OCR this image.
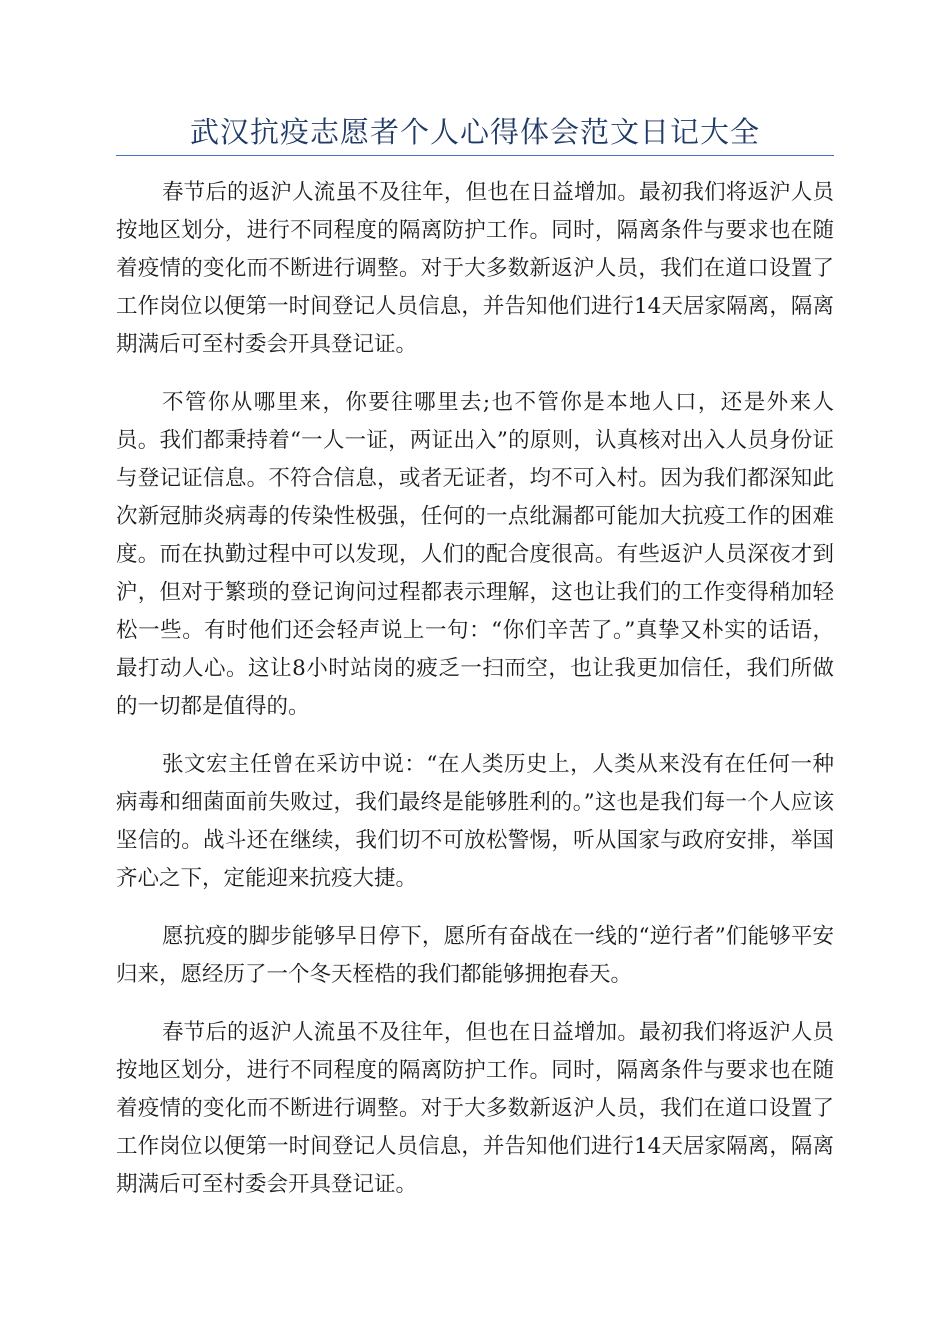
武汉抗疫志愿者个人心得体会范文日记大全

春节后的返沪人流虽不及往年，但也在日益增加。最初我们将返沪人员按地区划分，进行不同程度的隔离防护工作。同时，隔离条件与要求也在随着疫情的变化而不断进行调整。对于大多数新返沪人员，我们在道口设置了工作岗位以便第一时间登记人员信息，并告知他们进行14天居家隔离，隔离期满后可至村委会开具登记证。

不管你从哪里来，你要往哪里去;也不管你是本地人口，还是外来人员。我们都秉持着“一人一证，两证出入”的原则，认真核对出入人员身份证与登记证信息。不符合信息，或者无证者，均不可入村。因为我们都深知此次新冠肺炎病毒的传染性极强，任何的一点纰漏都可能加大抗疫工作的困难度。而在执勤过程中可以发现，人们的配合度很高。有些返沪人员深夜才到沪，但对于繁琐的登记询问过程都表示理解，这也让我们的工作变得稍加轻松一些。有时他们还会轻声说上一句：“你们辛苦了。”真挚又朴实的话语，最打动人心。这让8小时站岗的疲乏一扫而空，也让我更加信任，我们所做的一切都是值得的。

张文宏主任曾在采访中说：“在人类历史上，人类从来没有在任何一种病毒和细菌面前失败过，我们最终是能够胜利的。”这也是我们每一个人应该坚信的。战斗还在继续，我们切不可放松警惕，听从国家与政府安排，举国齐心之下，定能迎来抗疫大捷。

愿抗疫的脚步能够早日停下，愿所有奋战在一线的“逆行者”们能够平安归来，愿经历了一个冬天桎梏的我们都能够拥抱春天。

春节后的返沪人流虽不及往年，但也在日益增加。最初我们将返沪人员按地区划分，进行不同程度的隔离防护工作。同时，隔离条件与要求也在随着疫情的变化而不断进行调整。对于大多数新返沪人员，我们在道口设置了工作岗位以便第一时间登记人员信息，并告知他们进行14天居家隔离，隔离期满后可至村委会开具登记证。
